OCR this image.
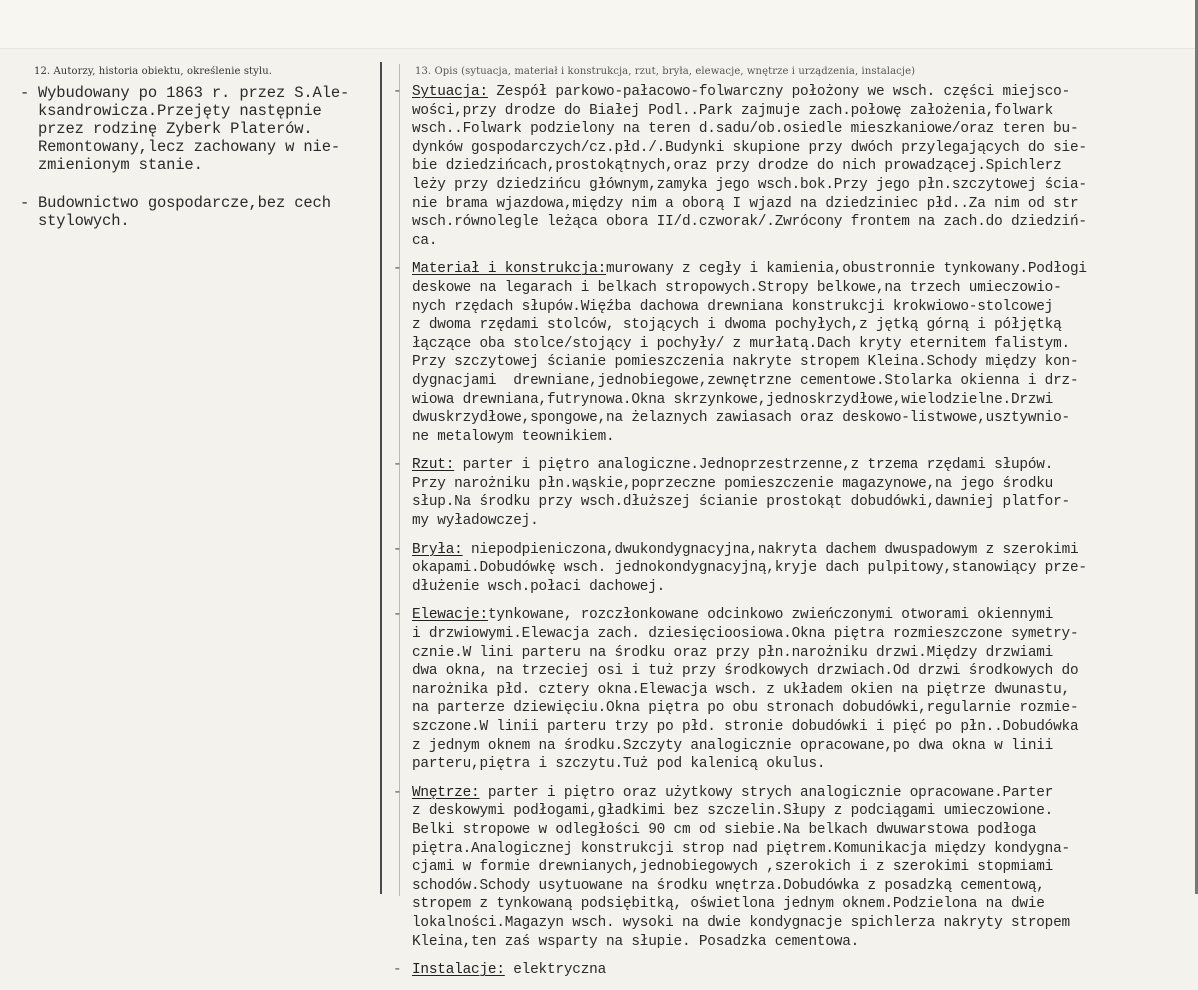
12. Autorzy, historia obiektu, określenie stylu.	13. Opis (sytuacja, materiał i konstrukcja, rzut, bryła, elewacje, wnętrze i urządzenia, instalacje)
- Wybudowany po 1863 r. przez S.Ale-
ksandrowicza.Przejęty następnie
przez rodzinę Zyberk Platerów.
Remontowany,lecz zachowany w nie-
zmienionym stanie.
- Budownictwo gospodarcze,bez cech
stylowych.
- Sytuacja: Zespół parkowo-pałacowo-folwarczny położony we wsch. części miejsco-
wości,przy drodze do Białej Podl..Park zajmuje zach.połowę założenia,folwark
wsch..Folwark podzielony na teren d.sadu/ob.osiedle mieszkaniowe/oraz teren bu-
dynków gospodarczych/cz.płd./.Budynki skupione przy dwóch przylegających do sie-
bie dziedzińcach,prostokątnych,oraz przy drodze do nich prowadzącej.Spichlerz
leży przy dziedzińcu głównym,zamyka jego wsch.bok.Przy jego płn.szczytowej ścia-
nie brama wjazdowa,między nim a oborą I wjazd na dziedziniec płd..Za nim od str
wsch.równolegle leżąca obora II/d.czworak/.Zwrócony frontem na zach.do dziedziń-
ca.
- Materiał i konstrukcja:murowany z cegły i kamienia,obustronnie tynkowany.Podłogi
deskowe na legarach i belkach stropowych.Stropy belkowe,na trzech umieczowio-
nych rzędach słupów.Więźba dachowa drewniana konstrukcji krokwiowo-stolcowej
z dwoma rzędami stolców, stojących i dwoma pochyłych,z jętką górną i półjętką
łączące oba stolce/stojący i pochyły/ z murłatą.Dach kryty eternitem falistym.
Przy szczytowej ścianie pomieszczenia nakryte stropem Kleina.Schody między kon-
dygnacjami  drewniane,jednobiegowe,zewnętrzne cementowe.Stolarka okienna i drz-
wiowa drewniana,futrynowa.Okna skrzynkowe,jednoskrzydłowe,wielodzielne.Drzwi
dwuskrzydłowe,spongowe,na żelaznych zawiasach oraz deskowo-listwowe,usztywnio-
ne metalowym teownikiem.
- Rzut: parter i piętro analogiczne.Jednoprzestrzenne,z trzema rzędami słupów.
Przy narożniku płn.wąskie,poprzeczne pomieszczenie magazynowe,na jego środku
słup.Na środku przy wsch.dłuższej ścianie prostokąt dobudówki,dawniej platfor-
my wyładowczej.
- Bryła: niepodpieniczona,dwukondygnacyjna,nakryta dachem dwuspadowym z szerokimi
okapami.Dobudówkę wsch. jednokondygnacyjną,kryje dach pulpitowy,stanowiący prze-
dłużenie wsch.połaci dachowej.
- Elewacje:tynkowane, rozczłonkowane odcinkowo zwieńczonymi otworami okiennymi
i drzwiowymi.Elewacja zach. dziesięcioosiowa.Okna piętra rozmieszczone symetry-
cznie.W lini parteru na środku oraz przy płn.narożniku drzwi.Między drzwiami
dwa okna, na trzeciej osi i tuż przy środkowych drzwiach.Od drzwi środkowych do
narożnika płd. cztery okna.Elewacja wsch. z układem okien na piętrze dwunastu,
na parterze dziewięciu.Okna piętra po obu stronach dobudówki,regularnie rozmie-
szczone.W linii parteru trzy po płd. stronie dobudówki i pięć po płn..Dobudówka
z jednym oknem na środku.Szczyty analogicznie opracowane,po dwa okna w linii
parteru,piętra i szczytu.Tuż pod kalenicą okulus.
- Wnętrze: parter i piętro oraz użytkowy strych analogicznie opracowane.Parter
z deskowymi podłogami,gładkimi bez szczelin.Słupy z podciągami umieczowione.
Belki stropowe w odległości 90 cm od siebie.Na belkach dwuwarstowa podłoga
piętra.Analogicznej konstrukcji strop nad piętrem.Komunikacja między kondygna-
cjami w formie drewnianych,jednobiegowych ,szerokich i z szerokimi stopmiami
schodów.Schody usytuowane na środku wnętrza.Dobudówka z posadzką cementową,
stropem z tynkowaną podsiębitką, oświetlona jednym oknem.Podzielona na dwie
lokalności.Magazyn wsch. wysoki na dwie kondygnacje spichlerza nakryty stropem
Kleina,ten zaś wsparty na słupie. Posadzka cementowa.
- Instalacje: elektryczna
